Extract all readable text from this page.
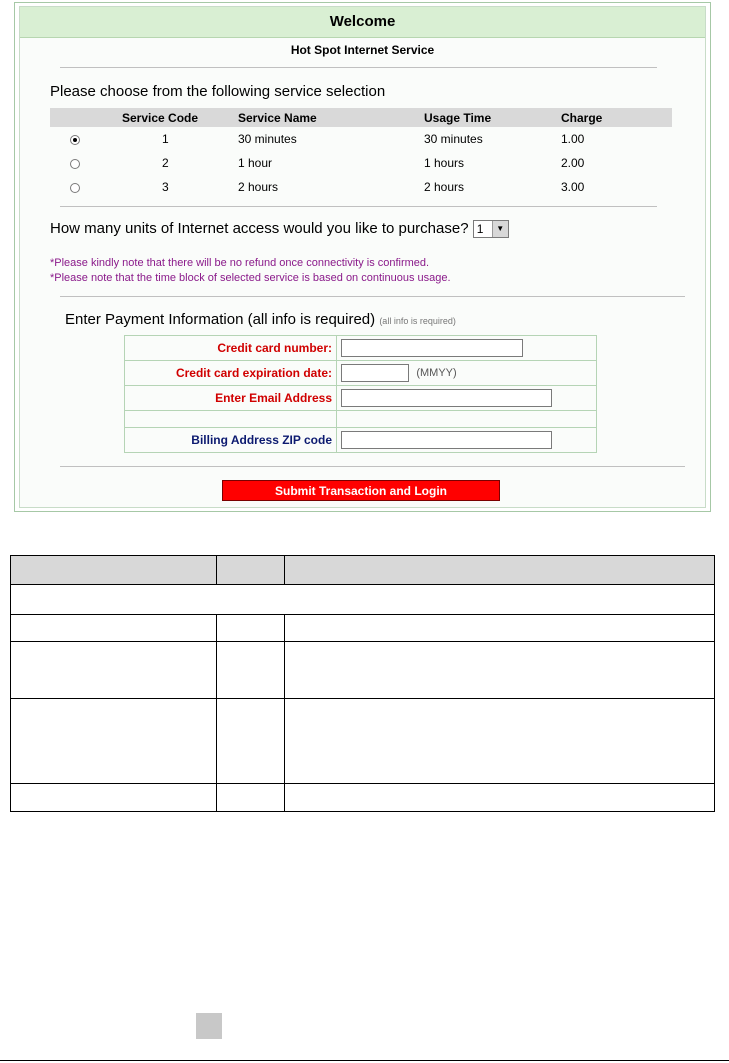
Welcome
Hot Spot Internet Service
Please choose from the following service selection
	Service Code	Service Name	Usage Time	Charge
	1	30 minutes	30 minutes	1.00
	2	1 hour	1 hours	2.00
	3	2 hours	2 hours	3.00
How many units of Internet access would you like to purchase? 1	▼
*Please kindly note that there will be no refund once connectivity is confirmed.
*Please note that the time block of selected service is based on continuous usage.
Enter Payment Information (all info is required) (all info is required)
Credit card number:	
Credit card expiration date:	(MMYY)
Enter Email Address	

Billing Address ZIP code	
Submit Transaction and Login
